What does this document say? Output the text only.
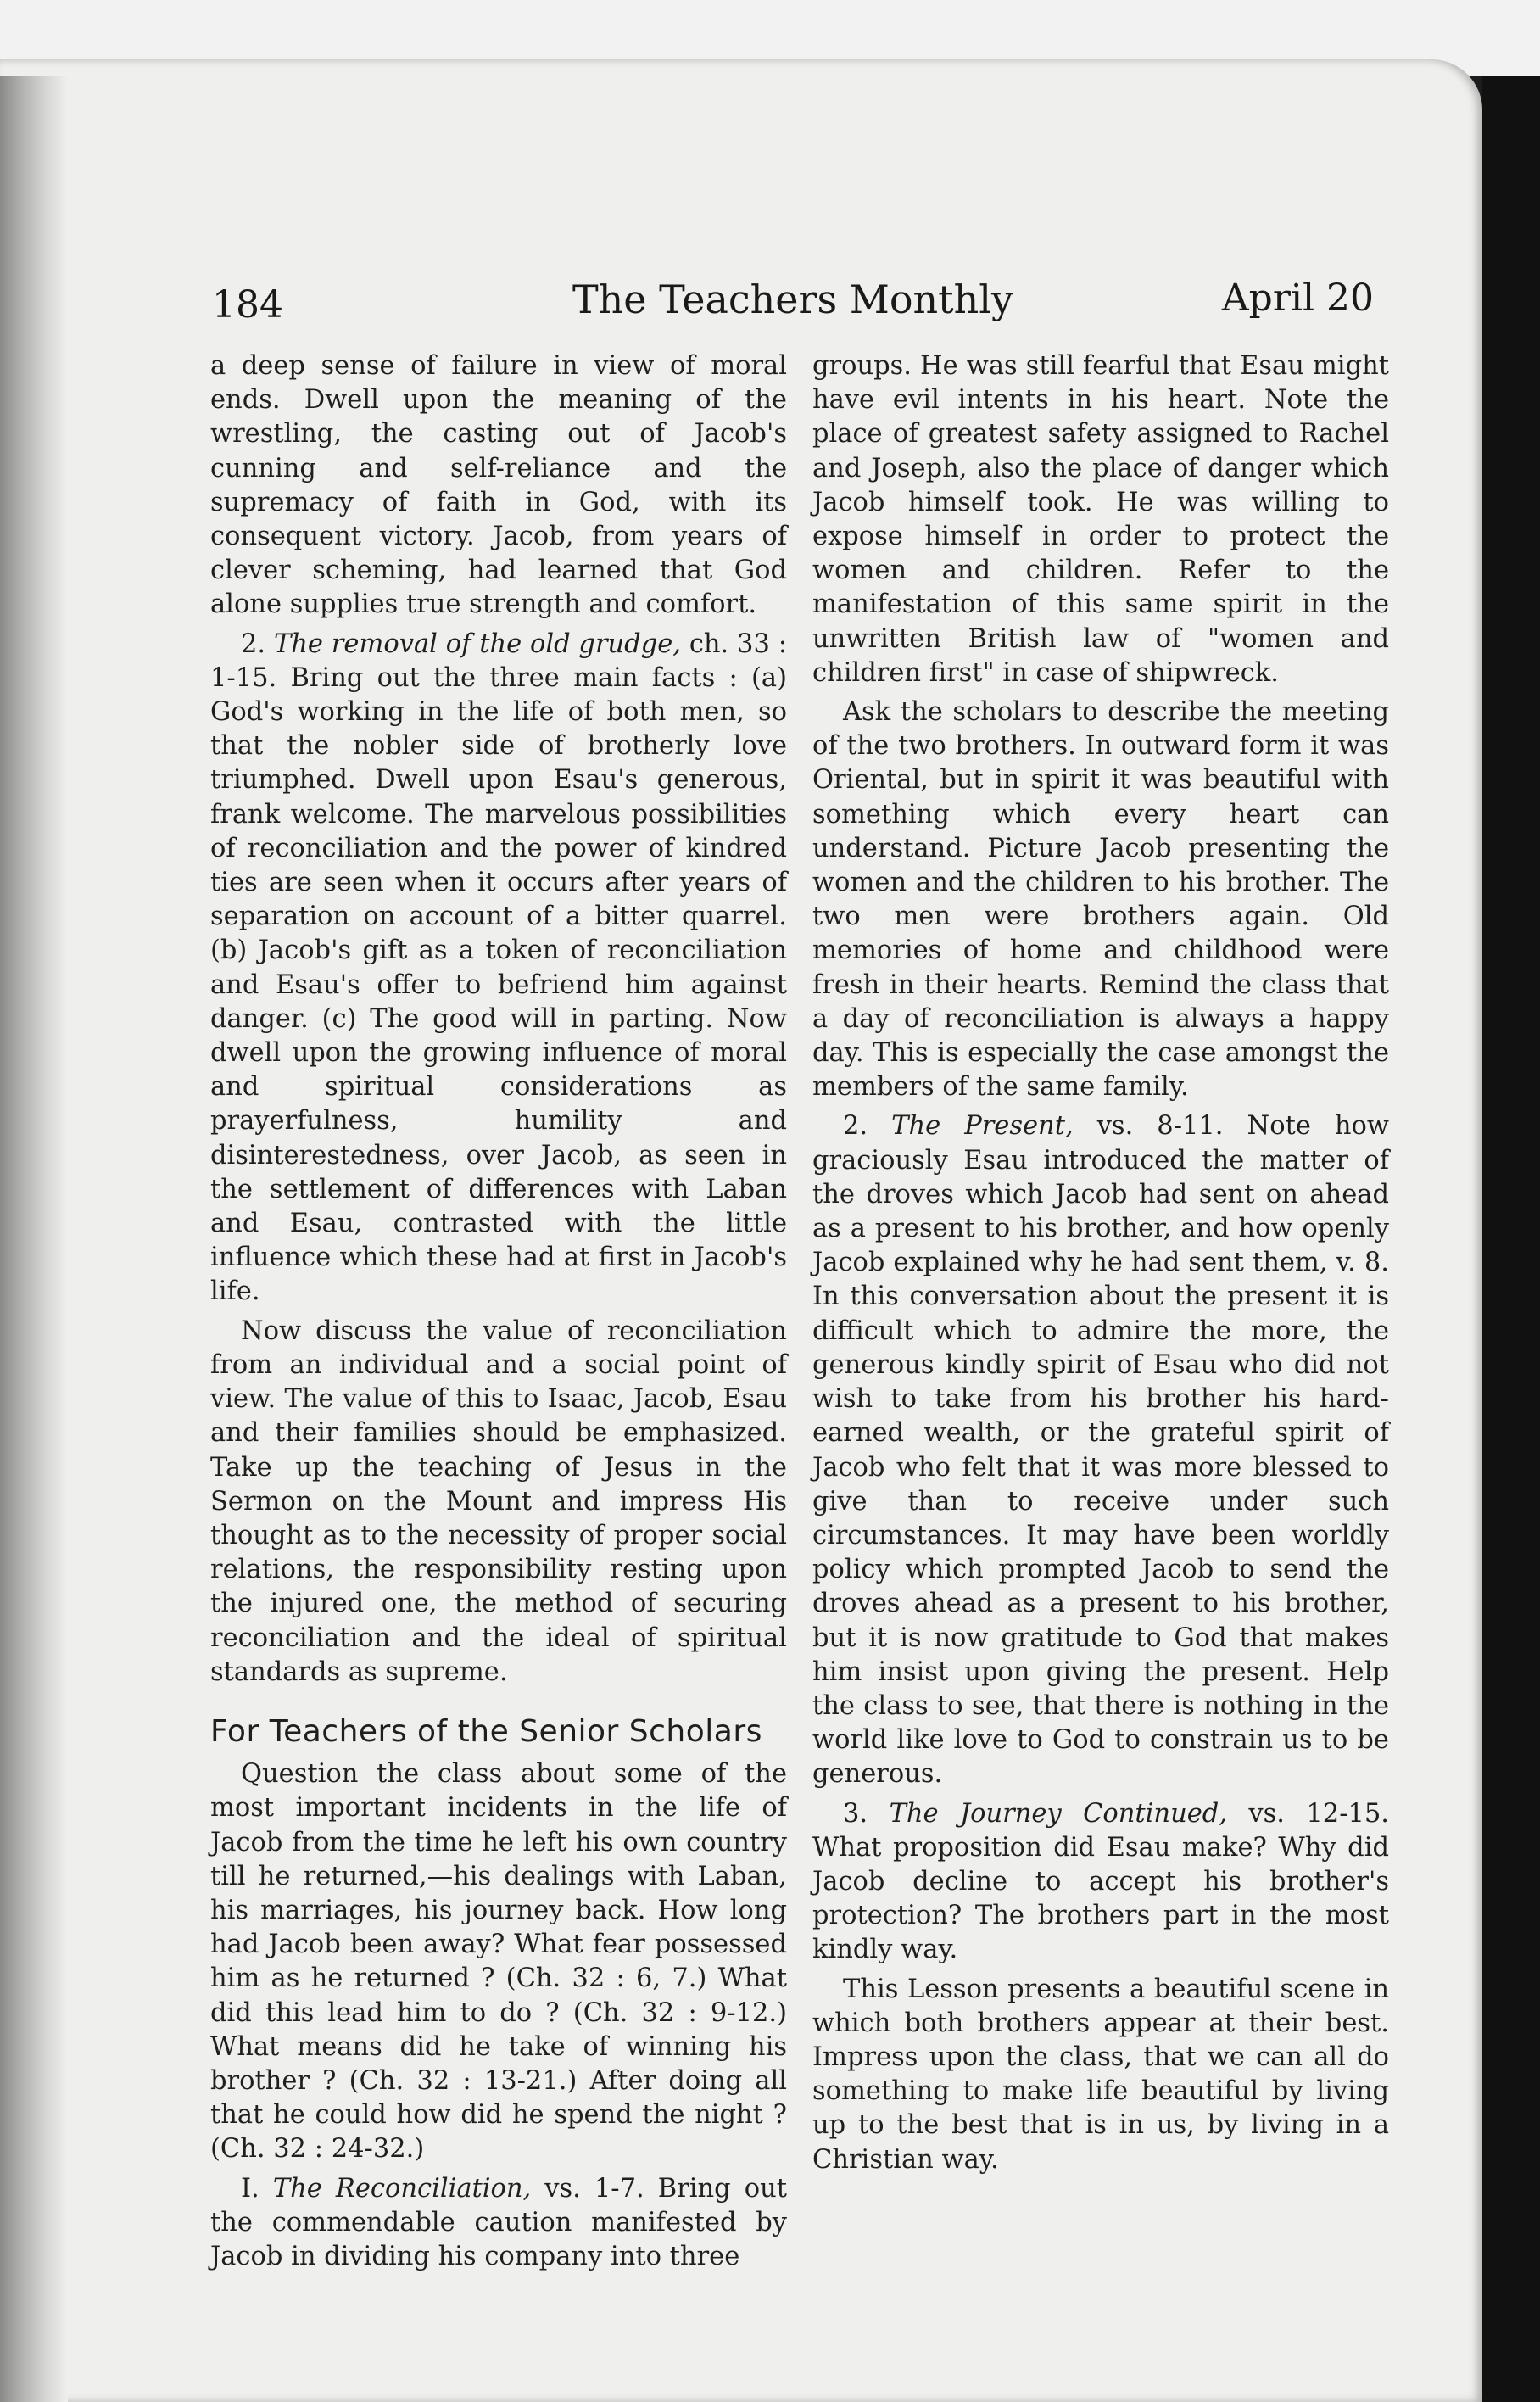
The Teachers Monthly
184	April 20

a deep sense of failure in view of moral ends. Dwell upon the meaning of the wrestling, the casting out of Jacob's cunning and self-reliance and the supremacy of faith in God, with its consequent victory. Jacob, from years of clever scheming, had learned that God alone supplies true strength and comfort.

2. The removal of the old grudge, ch. 33 : 1-15. Bring out the three main facts : (a) God's working in the life of both men, so that the nobler side of brotherly love triumphed. Dwell upon Esau's generous, frank welcome. The marvelous possibilities of reconciliation and the power of kindred ties are seen when it occurs after years of separation on account of a bitter quarrel. (b) Jacob's gift as a token of reconciliation and Esau's offer to befriend him against danger. (c) The good will in parting. Now dwell upon the growing influence of moral and spiritual considerations as prayerfulness, humility and disinterestedness, over Jacob, as seen in the settlement of differences with Laban and Esau, contrasted with the little influence which these had at first in Jacob's life.

Now discuss the value of reconciliation from an individual and a social point of view. The value of this to Isaac, Jacob, Esau and their families should be emphasized. Take up the teaching of Jesus in the Sermon on the Mount and impress His thought as to the necessity of proper social relations, the responsibility resting upon the injured one, the method of securing reconciliation and the ideal of spiritual standards as supreme.

For Teachers of the Senior Scholars

Question the class about some of the most important incidents in the life of Jacob from the time he left his own country till he returned,—his dealings with Laban, his marriages, his journey back. How long had Jacob been away? What fear possessed him as he returned ? (Ch. 32 : 6, 7.) What did this lead him to do ? (Ch. 32 : 9-12.) What means did he take of winning his brother ? (Ch. 32 : 13-21.) After doing all that he could how did he spend the night ? (Ch. 32 : 24-32.)

I. The Reconciliation, vs. 1-7. Bring out the commendable caution manifested by Jacob in dividing his company into three

groups. He was still fearful that Esau might have evil intents in his heart. Note the place of greatest safety assigned to Rachel and Joseph, also the place of danger which Jacob himself took. He was willing to expose himself in order to protect the women and children. Refer to the manifestation of this same spirit in the unwritten British law of "women and children first" in case of shipwreck.

Ask the scholars to describe the meeting of the two brothers. In outward form it was Oriental, but in spirit it was beautiful with something which every heart can understand. Picture Jacob presenting the women and the children to his brother. The two men were brothers again. Old memories of home and childhood were fresh in their hearts. Remind the class that a day of reconciliation is always a happy day. This is especially the case amongst the members of the same family.

2. The Present, vs. 8-11. Note how graciously Esau introduced the matter of the droves which Jacob had sent on ahead as a present to his brother, and how openly Jacob explained why he had sent them, v. 8. In this conversation about the present it is difficult which to admire the more, the generous kindly spirit of Esau who did not wish to take from his brother his hard-earned wealth, or the grateful spirit of Jacob who felt that it was more blessed to give than to receive under such circumstances. It may have been worldly policy which prompted Jacob to send the droves ahead as a present to his brother, but it is now gratitude to God that makes him insist upon giving the present. Help the class to see, that there is nothing in the world like love to God to constrain us to be generous.

3. The Journey Continued, vs. 12-15. What proposition did Esau make? Why did Jacob decline to accept his brother's protection? The brothers part in the most kindly way.

This Lesson presents a beautiful scene in which both brothers appear at their best. Impress upon the class, that we can all do something to make life beautiful by living up to the best that is in us, by living in a Christian way.
